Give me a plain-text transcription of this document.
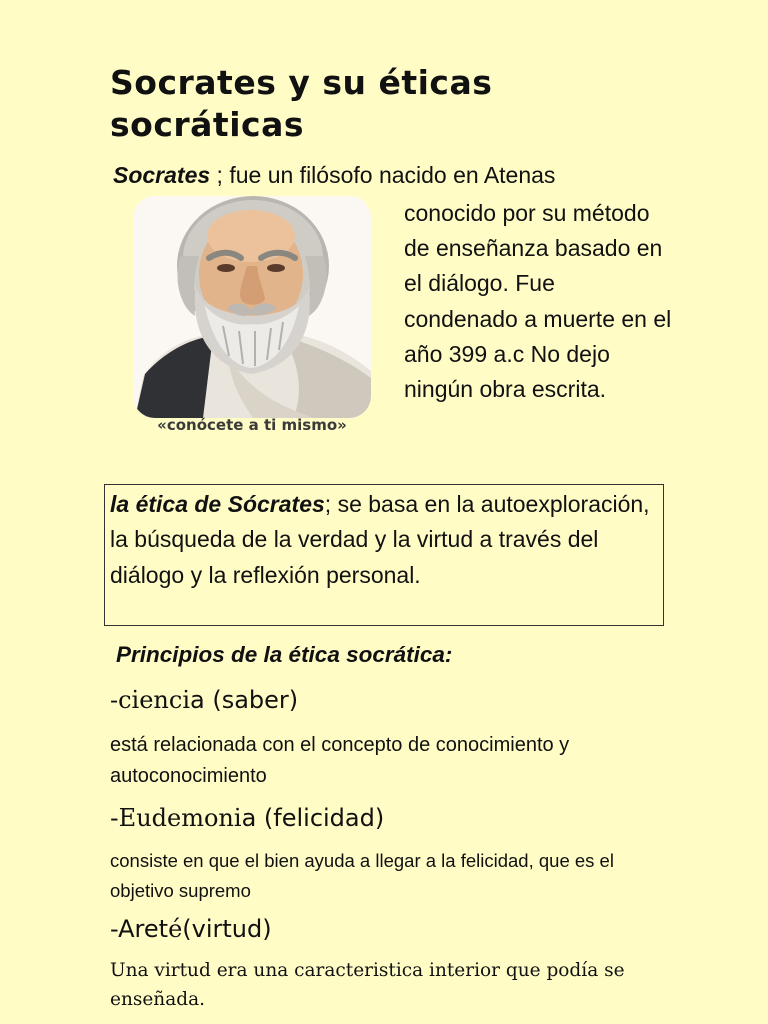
Socrates y su éticas socráticas
Socrates ; fue un filósofo nacido en Atenas
«conócete a ti mismo»
conocido por su método de enseñanza basado en el diálogo. Fue condenado a muerte en el año 399 a.c No dejo ningún obra escrita.
la ética de Sócrates; se basa en la autoexploración, la búsqueda de la verdad y la virtud a través del diálogo y la reflexión personal.
Principios de la ética socrática:
-ciencia (saber)
está relacionada con el concepto de conocimiento y autoconocimiento
-Eudemonia (felicidad)
consiste en que el bien ayuda a llegar a la felicidad, que es el objetivo supremo
-Areté(virtud)
Una virtud era una caracteristica interior que podía se enseñada.
